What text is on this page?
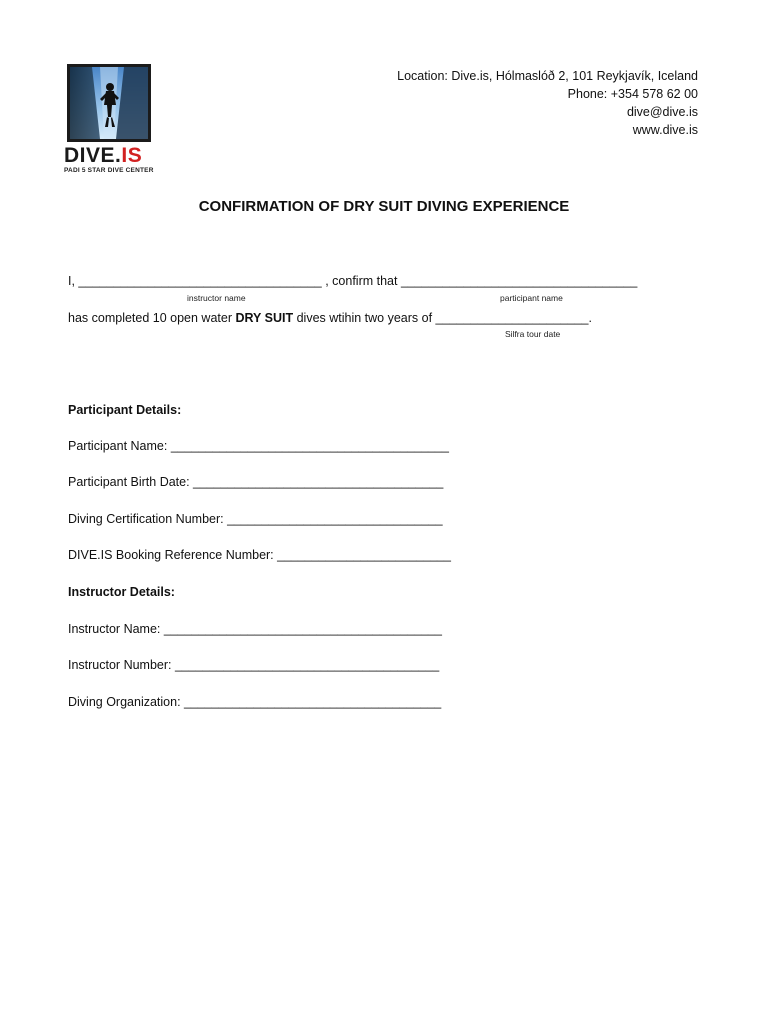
DIVE.IS
PADI 5 STAR DIVE CENTER
Location: Dive.is, Hólmaslóð 2, 101 Reykjavík, Iceland
Phone: +354 578 62 00
dive@dive.is
www.dive.is
CONFIRMATION OF DRY SUIT DIVING EXPERIENCE
I, ___________________________________ , confirm that __________________________________
instructor name	participant name
has completed 10 open water DRY SUIT dives wtihin two years of ______________________.
Silfra tour date
Participant Details:
Participant Name: ________________________________________
Participant Birth Date: ____________________________________
Diving Certification Number: _______________________________
DIVE.IS Booking Reference Number: _________________________
Instructor Details:
Instructor Name: ________________________________________
Instructor Number: ______________________________________
Diving Organization: _____________________________________
